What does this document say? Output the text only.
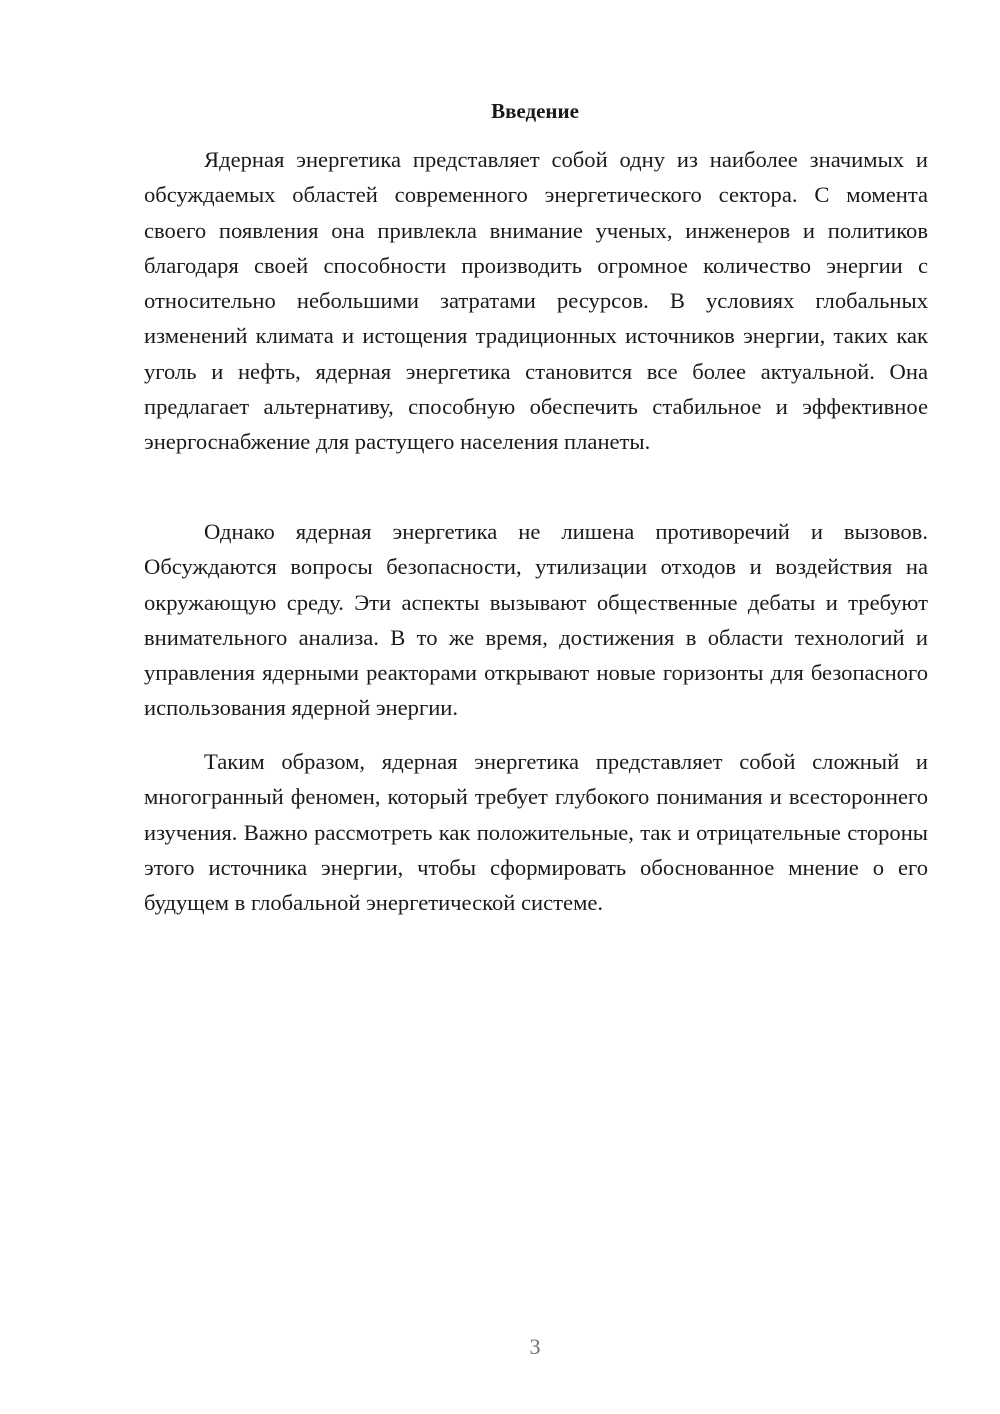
Введение

Ядерная энергетика представляет собой одну из наиболее значимых и обсуждаемых областей современного энергетического сектора. С момента своего появления она привлекла внимание ученых, инженеров и политиков благодаря своей способности производить огромное количество энергии с относительно небольшими затратами ресурсов. В условиях глобальных изменений климата и истощения традиционных источников энергии, таких как уголь и нефть, ядерная энергетика становится все более актуальной. Она предлагает альтернативу, способную обеспечить стабильное и эффективное энергоснабжение для растущего населения планеты.

Однако ядерная энергетика не лишена противоречий и вызовов. Обсуждаются вопросы безопасности, утилизации отходов и воздействия на окружающую среду. Эти аспекты вызывают общественные дебаты и требуют внимательного анализа. В то же время, достижения в области технологий и управления ядерными реакторами открывают новые горизонты для безопасного использования ядерной энергии.

Таким образом, ядерная энергетика представляет собой сложный и многогранный феномен, который требует глубокого понимания и всестороннего изучения. Важно рассмотреть как положительные, так и отрицательные стороны этого источника энергии, чтобы сформировать обоснованное мнение о его будущем в глобальной энергетической системе.

3
